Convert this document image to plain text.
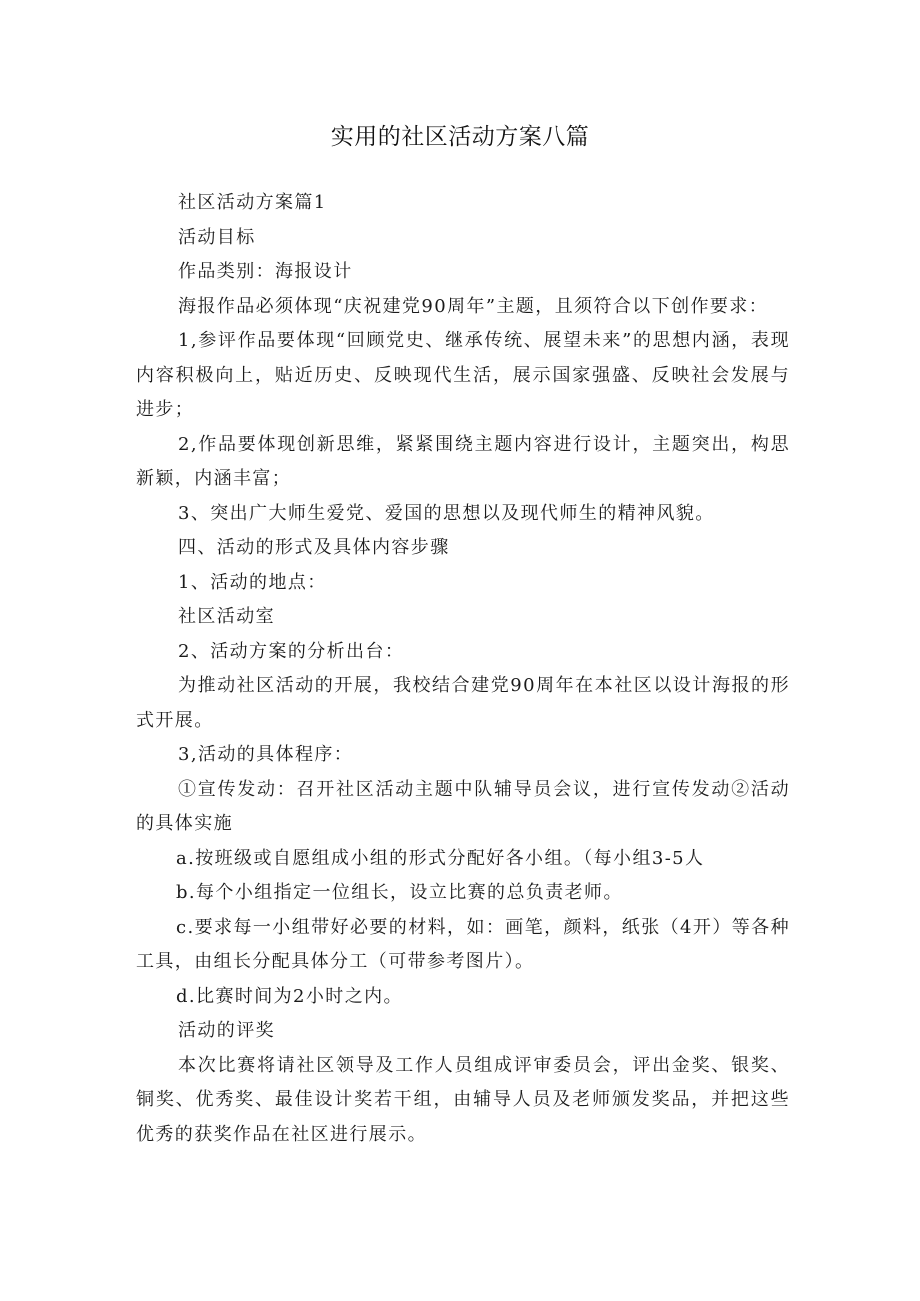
实用的社区活动方案八篇

社区活动方案篇1

活动目标

作品类别：海报设计

海报作品必须体现“庆祝建党90周年”主题，且须符合以下创作要求：

1,参评作品要体现“回顾党史、继承传统、展望未来”的思想内涵，表现内容积极向上，贴近历史、反映现代生活，展示国家强盛、反映社会发展与进步；

2,作品要体现创新思维，紧紧围绕主题内容进行设计，主题突出，构思新颖，内涵丰富；

3、突出广大师生爱党、爱国的思想以及现代师生的精神风貌。

四、活动的形式及具体内容步骤

1、活动的地点：

社区活动室

2、活动方案的分析出台：

为推动社区活动的开展，我校结合建党90周年在本社区以设计海报的形式开展。

3,活动的具体程序：

①宣传发动：召开社区活动主题中队辅导员会议，进行宣传发动②活动的具体实施

a.按班级或自愿组成小组的形式分配好各小组。（每小组3-5人

b.每个小组指定一位组长，设立比赛的总负责老师。

c.要求每一小组带好必要的材料，如：画笔，颜料，纸张（4开）等各种工具，由组长分配具体分工（可带参考图片）。

d.比赛时间为2小时之内。

活动的评奖

本次比赛将请社区领导及工作人员组成评审委员会，评出金奖、银奖、铜奖、优秀奖、最佳设计奖若干组，由辅导人员及老师颁发奖品，并把这些优秀的获奖作品在社区进行展示。
